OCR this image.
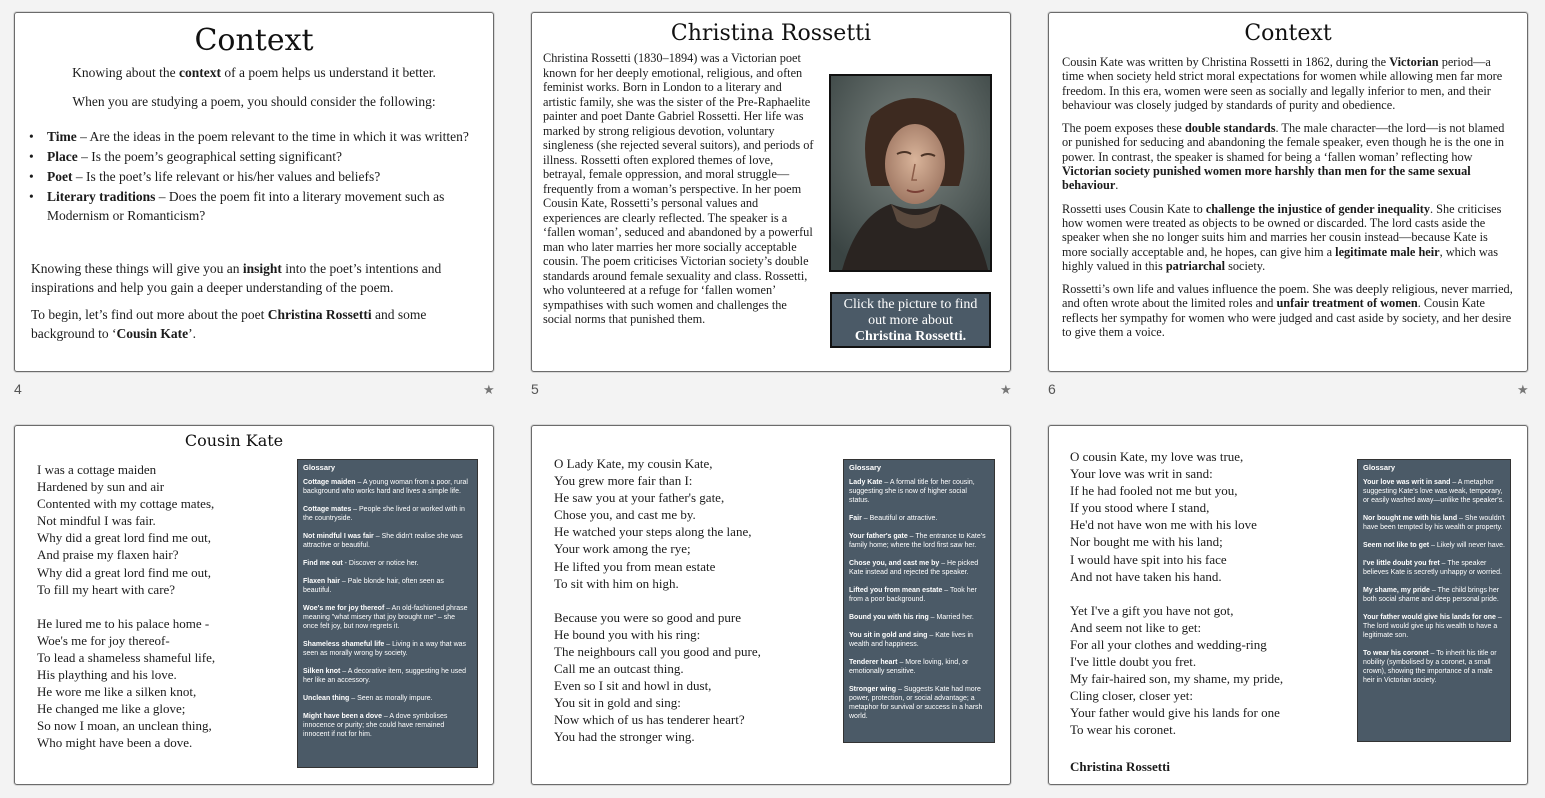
Context
Knowing about the context of a poem helps us understand it better.
When you are studying a poem, you should consider the following:
• Time – Are the ideas in the poem relevant to the time in which it was written?
• Place – Is the poem’s geographical setting significant?
• Poet – Is the poet’s life relevant or his/her values and beliefs?
• Literary traditions – Does the poem fit into a literary movement such as Modernism or Romanticism?
Knowing these things will give you an insight into the poet’s intentions and inspirations and help you gain a deeper understanding of the poem.
To begin, let’s find out more about the poet Christina Rossetti and some background to ‘Cousin Kate’.
4	★
Christina Rossetti
Christina Rossetti (1830–1894) was a Victorian poet known for her deeply emotional, religious, and often feminist works. Born in London to a literary and artistic family, she was the sister of the Pre-Raphaelite painter and poet Dante Gabriel Rossetti. Her life was marked by strong religious devotion, voluntary singleness (she rejected several suitors), and periods of illness. Rossetti often explored themes of love, betrayal, female oppression, and moral struggle—frequently from a woman’s perspective. In her poem Cousin Kate, Rossetti’s personal values and experiences are clearly reflected. The speaker is a ‘fallen woman’, seduced and abandoned by a powerful man who later marries her more socially acceptable cousin. The poem criticises Victorian society’s double standards around female sexuality and class. Rossetti, who volunteered at a refuge for ‘fallen women’ sympathises with such women and challenges the social norms that punished them.
Click the picture to find out more about
Christina Rossetti.
5	★
Context
Cousin Kate was written by Christina Rossetti in 1862, during the Victorian period—a time when society held strict moral expectations for women while allowing men far more freedom. In this era, women were seen as socially and legally inferior to men, and their behaviour was closely judged by standards of purity and obedience.
The poem exposes these double standards. The male character—the lord—is not blamed or punished for seducing and abandoning the female speaker, even though he is the one in power. In contrast, the speaker is shamed for being a ‘fallen woman’ reflecting how Victorian society punished women more harshly than men for the same sexual behaviour.
Rossetti uses Cousin Kate to challenge the injustice of gender inequality. She criticises how women were treated as objects to be owned or discarded. The lord casts aside the speaker when she no longer suits him and marries her cousin instead—because Kate is more socially acceptable and, he hopes, can give him a legitimate male heir, which was highly valued in this patriarchal society.
Rossetti’s own life and values influence the poem. She was deeply religious, never married, and often wrote about the limited roles and unfair treatment of women. Cousin Kate reflects her sympathy for women who were judged and cast aside by society, and her desire to give them a voice.
6	★
Cousin Kate
I was a cottage maiden
Hardened by sun and air
Contented with my cottage mates,
Not mindful I was fair.
Why did a great lord find me out,
And praise my flaxen hair?
Why did a great lord find me out,
To fill my heart with care?
He lured me to his palace home -
Woe's me for joy thereof-
To lead a shameless shameful life,
His plaything and his love.
He wore me like a silken knot,
He changed me like a glove;
So now I moan, an unclean thing,
Who might have been a dove.
Glossary
Cottage maiden – A young woman from a poor, rural background who works hard and lives a simple life.
Cottage mates – People she lived or worked with in the countryside.
Not mindful I was fair – She didn't realise she was attractive or beautiful.
Find me out - Discover or notice her.
Flaxen hair – Pale blonde hair, often seen as beautiful.
Woe's me for joy thereof – An old-fashioned phrase meaning "what misery that joy brought me" – she once felt joy, but now regrets it.
Shameless shameful life – Living in a way that was seen as morally wrong by society.
Silken knot – A decorative item, suggesting he used her like an accessory.
Unclean thing – Seen as morally impure.
Might have been a dove – A dove symbolises innocence or purity; she could have remained innocent if not for him.
O Lady Kate, my cousin Kate,
You grew more fair than I:
He saw you at your father's gate,
Chose you, and cast me by.
He watched your steps along the lane,
Your work among the rye;
He lifted you from mean estate
To sit with him on high.
Because you were so good and pure
He bound you with his ring:
The neighbours call you good and pure,
Call me an outcast thing.
Even so I sit and howl in dust,
You sit in gold and sing:
Now which of us has tenderer heart?
You had the stronger wing.
Glossary
Lady Kate – A formal title for her cousin, suggesting she is now of higher social status.
Fair – Beautiful or attractive.
Your father's gate – The entrance to Kate's family home; where the lord first saw her.
Chose you, and cast me by – He picked Kate instead and rejected the speaker.
Lifted you from mean estate – Took her from a poor background.
Bound you with his ring – Married her.
You sit in gold and sing – Kate lives in wealth and happiness.
Tenderer heart – More loving, kind, or emotionally sensitive.
Stronger wing – Suggests Kate had more power, protection, or social advantage; a metaphor for survival or success in a harsh world.
O cousin Kate, my love was true,
Your love was writ in sand:
If he had fooled not me but you,
If you stood where I stand,
He'd not have won me with his love
Nor bought me with his land;
I would have spit into his face
And not have taken his hand.
Yet I've a gift you have not got,
And seem not like to get:
For all your clothes and wedding-ring
I've little doubt you fret.
My fair-haired son, my shame, my pride,
Cling closer, closer yet:
Your father would give his lands for one
To wear his coronet.
Christina Rossetti
Glossary
Your love was writ in sand – A metaphor suggesting Kate's love was weak, temporary, or easily washed away—unlike the speaker's.
Nor bought me with his land – She wouldn't have been tempted by his wealth or property.
Seem not like to get – Likely will never have.
I've little doubt you fret – The speaker believes Kate is secretly unhappy or worried.
My shame, my pride – The child brings her both social shame and deep personal pride.
Your father would give his lands for one – The lord would give up his wealth to have a legitimate son.
To wear his coronet – To inherit his title or nobility (symbolised by a coronet, a small crown), showing the importance of a male heir in Victorian society.
